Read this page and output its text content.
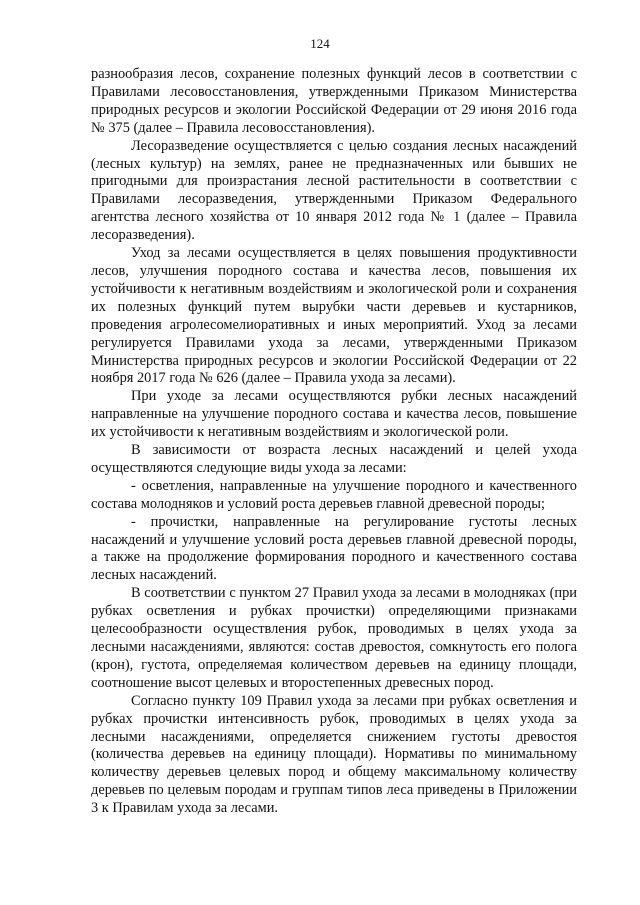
124

разнообразия лесов, сохранение полезных функций лесов в соответствии с Правилами лесовосстановления, утвержденными Приказом Министерства природных ресурсов и экологии Российской Федерации от 29 июня 2016 года № 375 (далее – Правила лесовосстановления).

Лесоразведение осуществляется с целью создания лесных насаждений (лесных культур) на землях, ранее не предназначенных или бывших не пригодными для произрастания лесной растительности в соответствии с Правилами лесоразведения, утвержденными Приказом Федерального агентства лесного хозяйства от 10 января 2012 года № 1 (далее – Правила лесоразведения).

Уход за лесами осуществляется в целях повышения продуктивности лесов, улучшения породного состава и качества лесов, повышения их устойчивости к негативным воздействиям и экологической роли и сохранения их полезных функций путем вырубки части деревьев и кустарников, проведения агролесомелиоративных и иных мероприятий. Уход за лесами регулируется Правилами ухода за лесами, утвержденными Приказом Министерства природных ресурсов и экологии Российской Федерации от 22 ноября 2017 года № 626 (далее – Правила ухода за лесами).

При уходе за лесами осуществляются рубки лесных насаждений направленные на улучшение породного состава и качества лесов, повышение их устойчивости к негативным воздействиям и экологической роли.

В зависимости от возраста лесных насаждений и целей ухода осуществляются следующие виды ухода за лесами:

- осветления, направленные на улучшение породного и качественного состава молодняков и условий роста деревьев главной древесной породы;

- прочистки, направленные на регулирование густоты лесных насаждений и улучшение условий роста деревьев главной древесной породы, а также на продолжение формирования породного и качественного состава лесных насаждений.

В соответствии с пунктом 27 Правил ухода за лесами в молодняках (при рубках осветления и рубках прочистки) определяющими признаками целесообразности осуществления рубок, проводимых в целях ухода за лесными насаждениями, являются: состав древостоя, сомкнутость его полога (крон), густота, определяемая количеством деревьев на единицу площади, соотношение высот целевых и второстепенных древесных пород.

Согласно пункту 109 Правил ухода за лесами при рубках осветления и рубках прочистки интенсивность рубок, проводимых в целях ухода за лесными насаждениями, определяется снижением густоты древостоя (количества деревьев на единицу площади). Нормативы по минимальному количеству деревьев целевых пород и общему максимальному количеству деревьев по целевым породам и группам типов леса приведены в Приложении 3 к Правилам ухода за лесами.
